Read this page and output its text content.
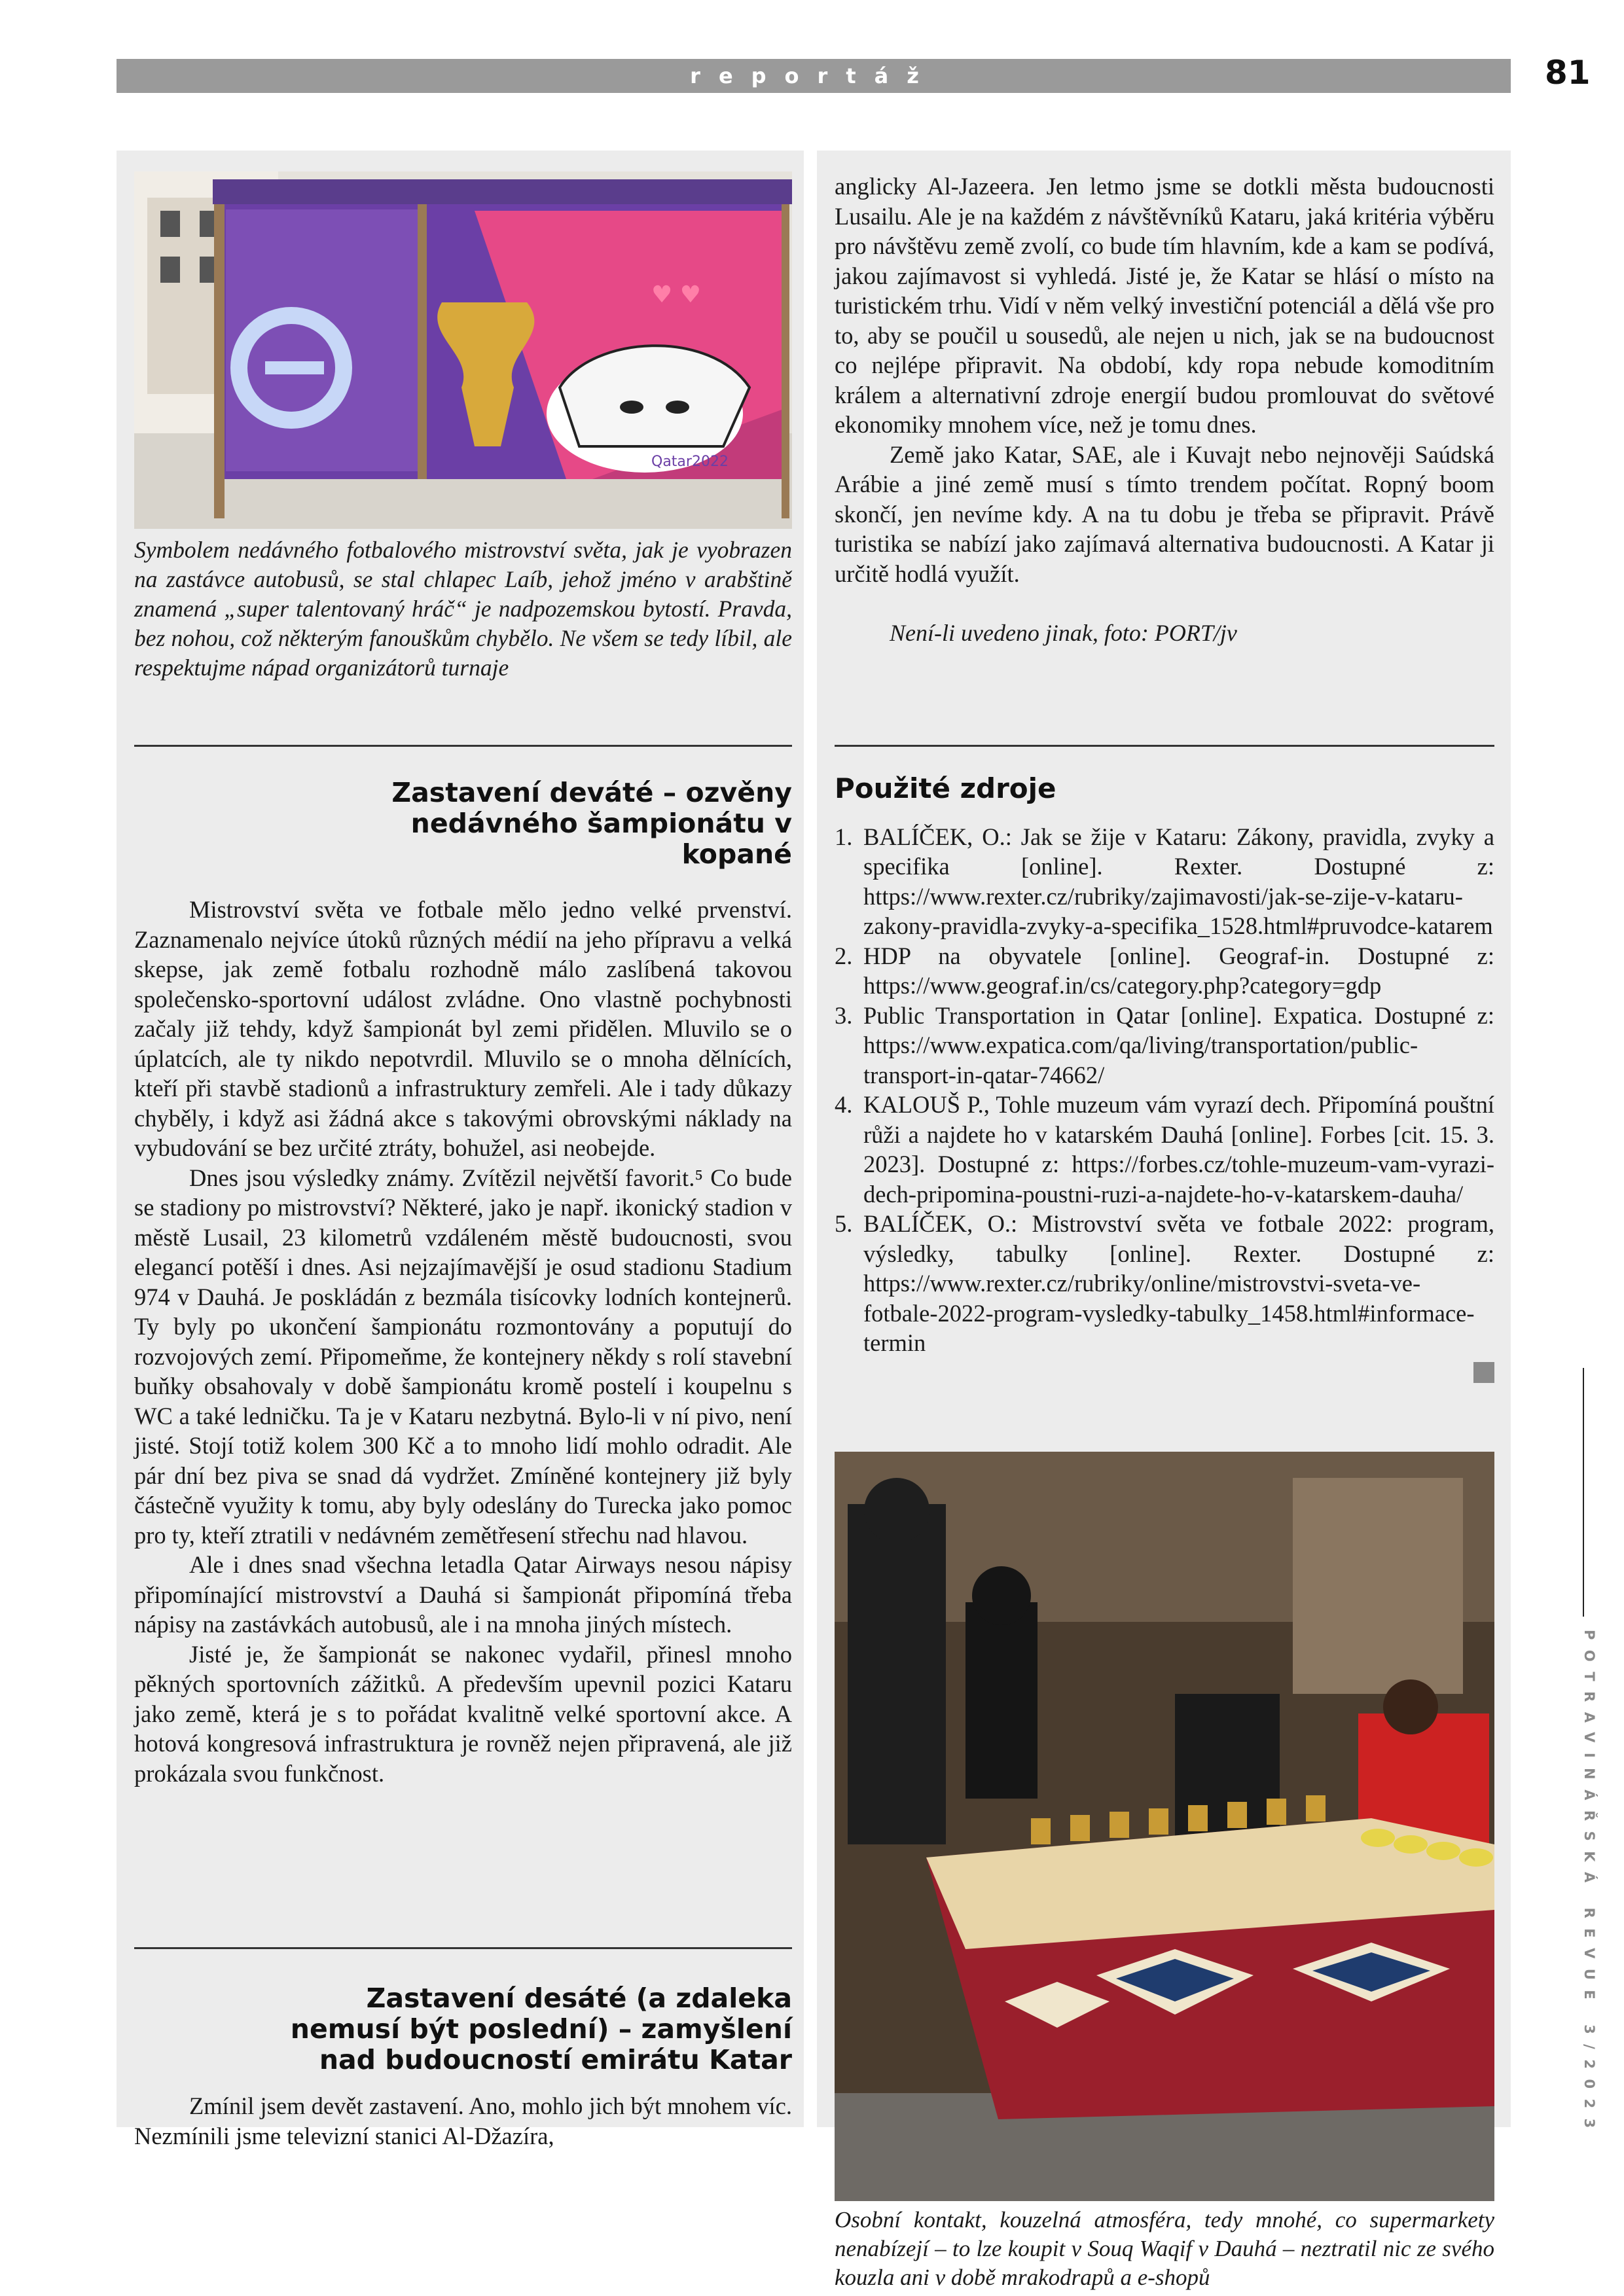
reportáž	81
Qatar2022
♥ ♥
Symbolem nedávného fotbalového mistrovství světa, jak je vyobrazen na zastávce autobusů, se stal chlapec Laíb, jehož jméno v arabštině znamená „super talentovaný hráč“ je nadpozemskou bytostí. Pravda, bez nohou, což některým fanouškům chybělo. Ne všem se tedy líbil, ale respektujme nápad organizátorů turnaje
Zastavení deváté – ozvěny nedávného šampionátu v kopané

Mistrovství světa ve fotbale mělo jedno velké prvenství. Zaznamenalo nejvíce útoků různých médií na jeho přípravu a velká skepse, jak země fotbalu rozhodně málo zaslíbená takovou společensko-sportovní událost zvládne. Ono vlastně pochybnosti začaly již tehdy, když šampionát byl zemi přidělen. Mluvilo se o úplatcích, ale ty nikdo nepotvrdil. Mluvilo se o mnoha dělnících, kteří při stavbě stadionů a infrastruktury zemřeli. Ale i tady důkazy chyběly, i když asi žádná akce s takovými obrovskými náklady na vybudování se bez určité ztráty, bohužel, asi neobejde.

Dnes jsou výsledky známy. Zvítězil největší favorit.⁵ Co bude se stadiony po mistrovství? Některé, jako je např. ikonický stadion v městě Lusail, 23 kilometrů vzdáleném městě budoucnosti, svou elegancí potěší i dnes. Asi nejzajímavější je osud stadionu Stadium 974 v Dauhá. Je poskládán z bezmála tisícovky lodních kontejnerů. Ty byly po ukončení šampionátu rozmontovány a poputují do rozvojových zemí. Připomeňme, že kontejnery někdy s rolí stavební buňky obsahovaly v době šampionátu kromě postelí i koupelnu s WC a také ledničku. Ta je v Kataru nezbytná. Bylo-li v ní pivo, není jisté. Stojí totiž kolem 300 Kč a to mnoho lidí mohlo odradit. Ale pár dní bez piva se snad dá vydržet. Zmíněné kontejnery již byly částečně využity k tomu, aby byly odeslány do Turecka jako pomoc pro ty, kteří ztratili v nedávném zemětřesení střechu nad hlavou.

Ale i dnes snad všechna letadla Qatar Airways nesou nápisy připomínající mistrovství a Dauhá si šampionát připomíná třeba nápisy na zastávkách autobusů, ale i na mnoha jiných místech.

Jisté je, že šampionát se nakonec vydařil, přinesl mnoho pěkných sportovních zážitků. A především upevnil pozici Kataru jako země, která je s to pořádat kvalitně velké sportovní akce. A hotová kongresová infrastruktura je rovněž nejen připravená, ale již prokázala svou funkčnost.

Zastavení desáté (a zdaleka nemusí být poslední) – zamyšlení nad budoucností emirátu Katar

Zmínil jsem devět zastavení. Ano, mohlo jich být mnohem víc. Nezmínili jsme televizní stanici Al-Džazíra,

anglicky Al-Jazeera. Jen letmo jsme se dotkli města budoucnosti Lusailu. Ale je na každém z návštěvníků Kataru, jaká kritéria výběru pro návštěvu země zvolí, co bude tím hlavním, kde a kam se podívá, jakou zajímavost si vyhledá. Jisté je, že Katar se hlásí o místo na turistickém trhu. Vidí v něm velký investiční potenciál a dělá vše pro to, aby se poučil u sousedů, ale nejen u nich, jak se na budoucnost co nejlépe připravit. Na období, kdy ropa nebude komoditním králem a alternativní zdroje energií budou promlouvat do světové ekonomiky mnohem více, než je tomu dnes.

Země jako Katar, SAE, ale i Kuvajt nebo nejnověji Saúdská Arábie a jiné země musí s tímto trendem počítat. Ropný boom skončí, jen nevíme kdy. A na tu dobu je třeba se připravit. Právě turistika se nabízí jako zajímavá alternativa budoucnosti. A Katar ji určitě hodlá využít.

Není-li uvedeno jinak, foto: PORT/jv

Použité zdroje
1. BALÍČEK, O.: Jak se žije v Kataru: Zákony, pravidla, zvyky a specifika [online]. Rexter. Dostupné z: https://www.rexter.cz/rubriky/zajimavosti/jak-se-zije-v-kataru-zakony-pravidla-zvyky-a-specifika_1528.html#pruvodce-katarem
2. HDP na obyvatele [online]. Geograf-in. Dostupné z: https://www.geograf.in/cs/category.php?category=gdp
3. Public Transportation in Qatar [online]. Expatica. Dostupné z: https://www.expatica.com/qa/living/transportation/public-transport-in-qatar-74662/
4. KALOUŠ P., Tohle muzeum vám vyrazí dech. Připomíná pouštní růži a najdete ho v katarském Dauhá [online]. Forbes [cit. 15. 3. 2023]. Dostupné z: https://forbes.cz/tohle-muzeum-vam-vyrazi-dech-pripomina-poustni-ruzi-a-najdete-ho-v-katarskem-dauha/
5. BALÍČEK, O.: Mistrovství světa ve fotbale 2022: program, výsledky, tabulky [online]. Rexter. Dostupné z: https://www.rexter.cz/rubriky/online/mistrovstvi-sveta-ve-fotbale-2022-program-vysledky-tabulky_1458.html#informace-termin
Osobní kontakt, kouzelná atmosféra, tedy mnohé, co supermarkety nenabízejí – to lze koupit v Souq Waqif v Dauhá – neztratil nic ze svého kouzla ani v době mrakodrapů a e-shopů
POTRAVINÁŘSKÁ REVUE 3/2023
